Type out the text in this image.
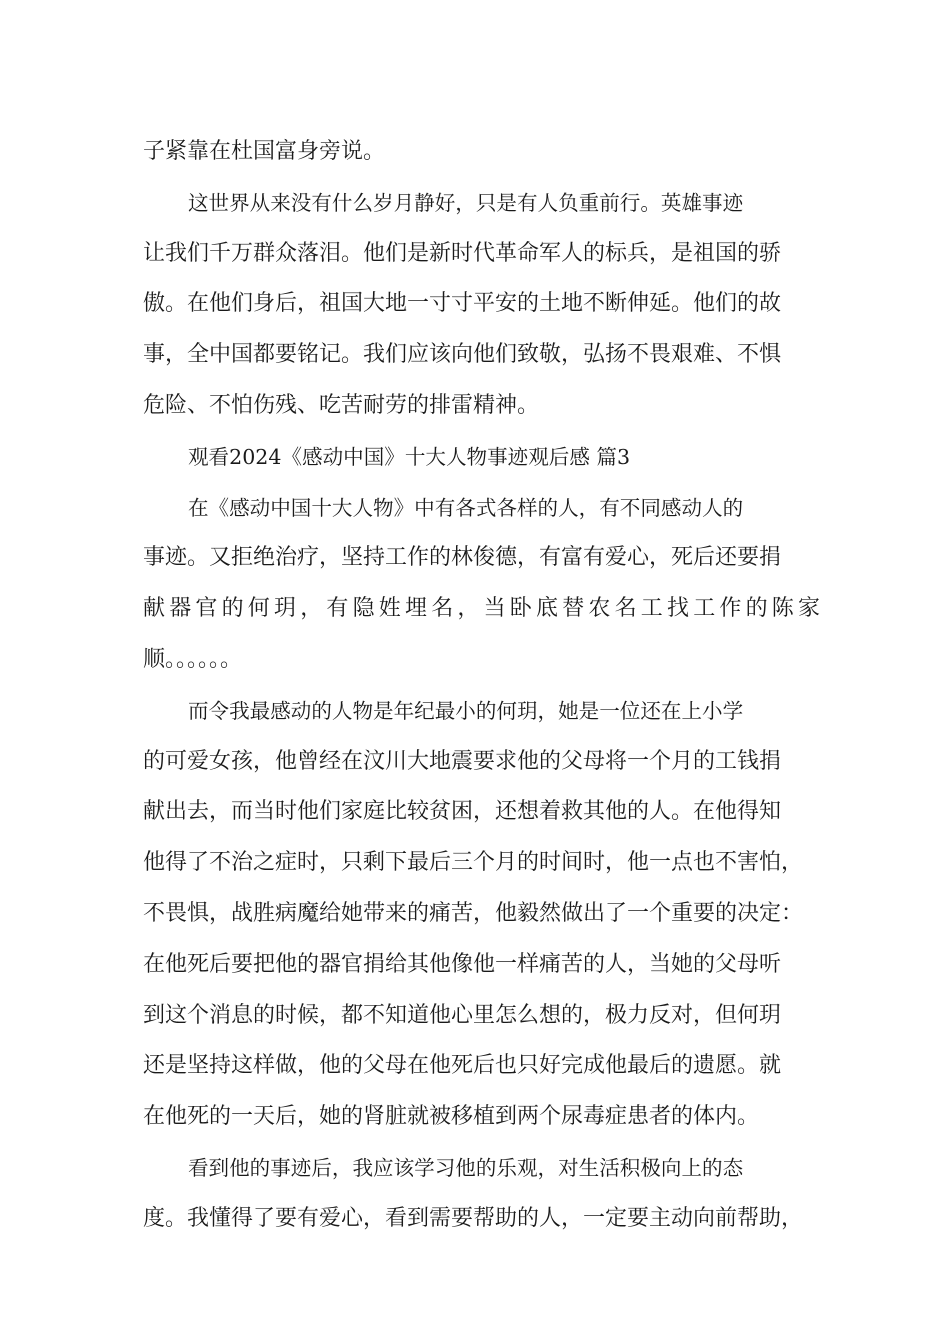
子紧靠在杜国富身旁说。
这世界从来没有什么岁月静好，只是有人负重前行。英雄事迹
让我们千万群众落泪。他们是新时代革命军人的标兵，是祖国的骄
傲。在他们身后，祖国大地一寸寸平安的土地不断伸延。他们的故
事，全中国都要铭记。我们应该向他们致敬，弘扬不畏艰难、不惧
危险、不怕伤残、吃苦耐劳的排雷精神。
观看2024《感动中国》十大人物事迹观后感 篇3
在《感动中国十大人物》中有各式各样的人，有不同感动人的
事迹。又拒绝治疗，坚持工作的林俊德，有富有爱心，死后还要捐
献器官的何玥，有隐姓埋名，当卧底替农名工找工作的陈家
顺。。。。。。
而令我最感动的人物是年纪最小的何玥，她是一位还在上小学
的可爱女孩，他曾经在汶川大地震要求他的父母将一个月的工钱捐
献出去，而当时他们家庭比较贫困，还想着救其他的人。在他得知
他得了不治之症时，只剩下最后三个月的时间时，他一点也不害怕，
不畏惧，战胜病魔给她带来的痛苦，他毅然做出了一个重要的决定：
在他死后要把他的器官捐给其他像他一样痛苦的人，当她的父母听
到这个消息的时候，都不知道他心里怎么想的，极力反对，但何玥
还是坚持这样做，他的父母在他死后也只好完成他最后的遗愿。就
在他死的一天后，她的肾脏就被移植到两个尿毒症患者的体内。
看到他的事迹后，我应该学习他的乐观，对生活积极向上的态
度。我懂得了要有爱心，看到需要帮助的人，一定要主动向前帮助，
